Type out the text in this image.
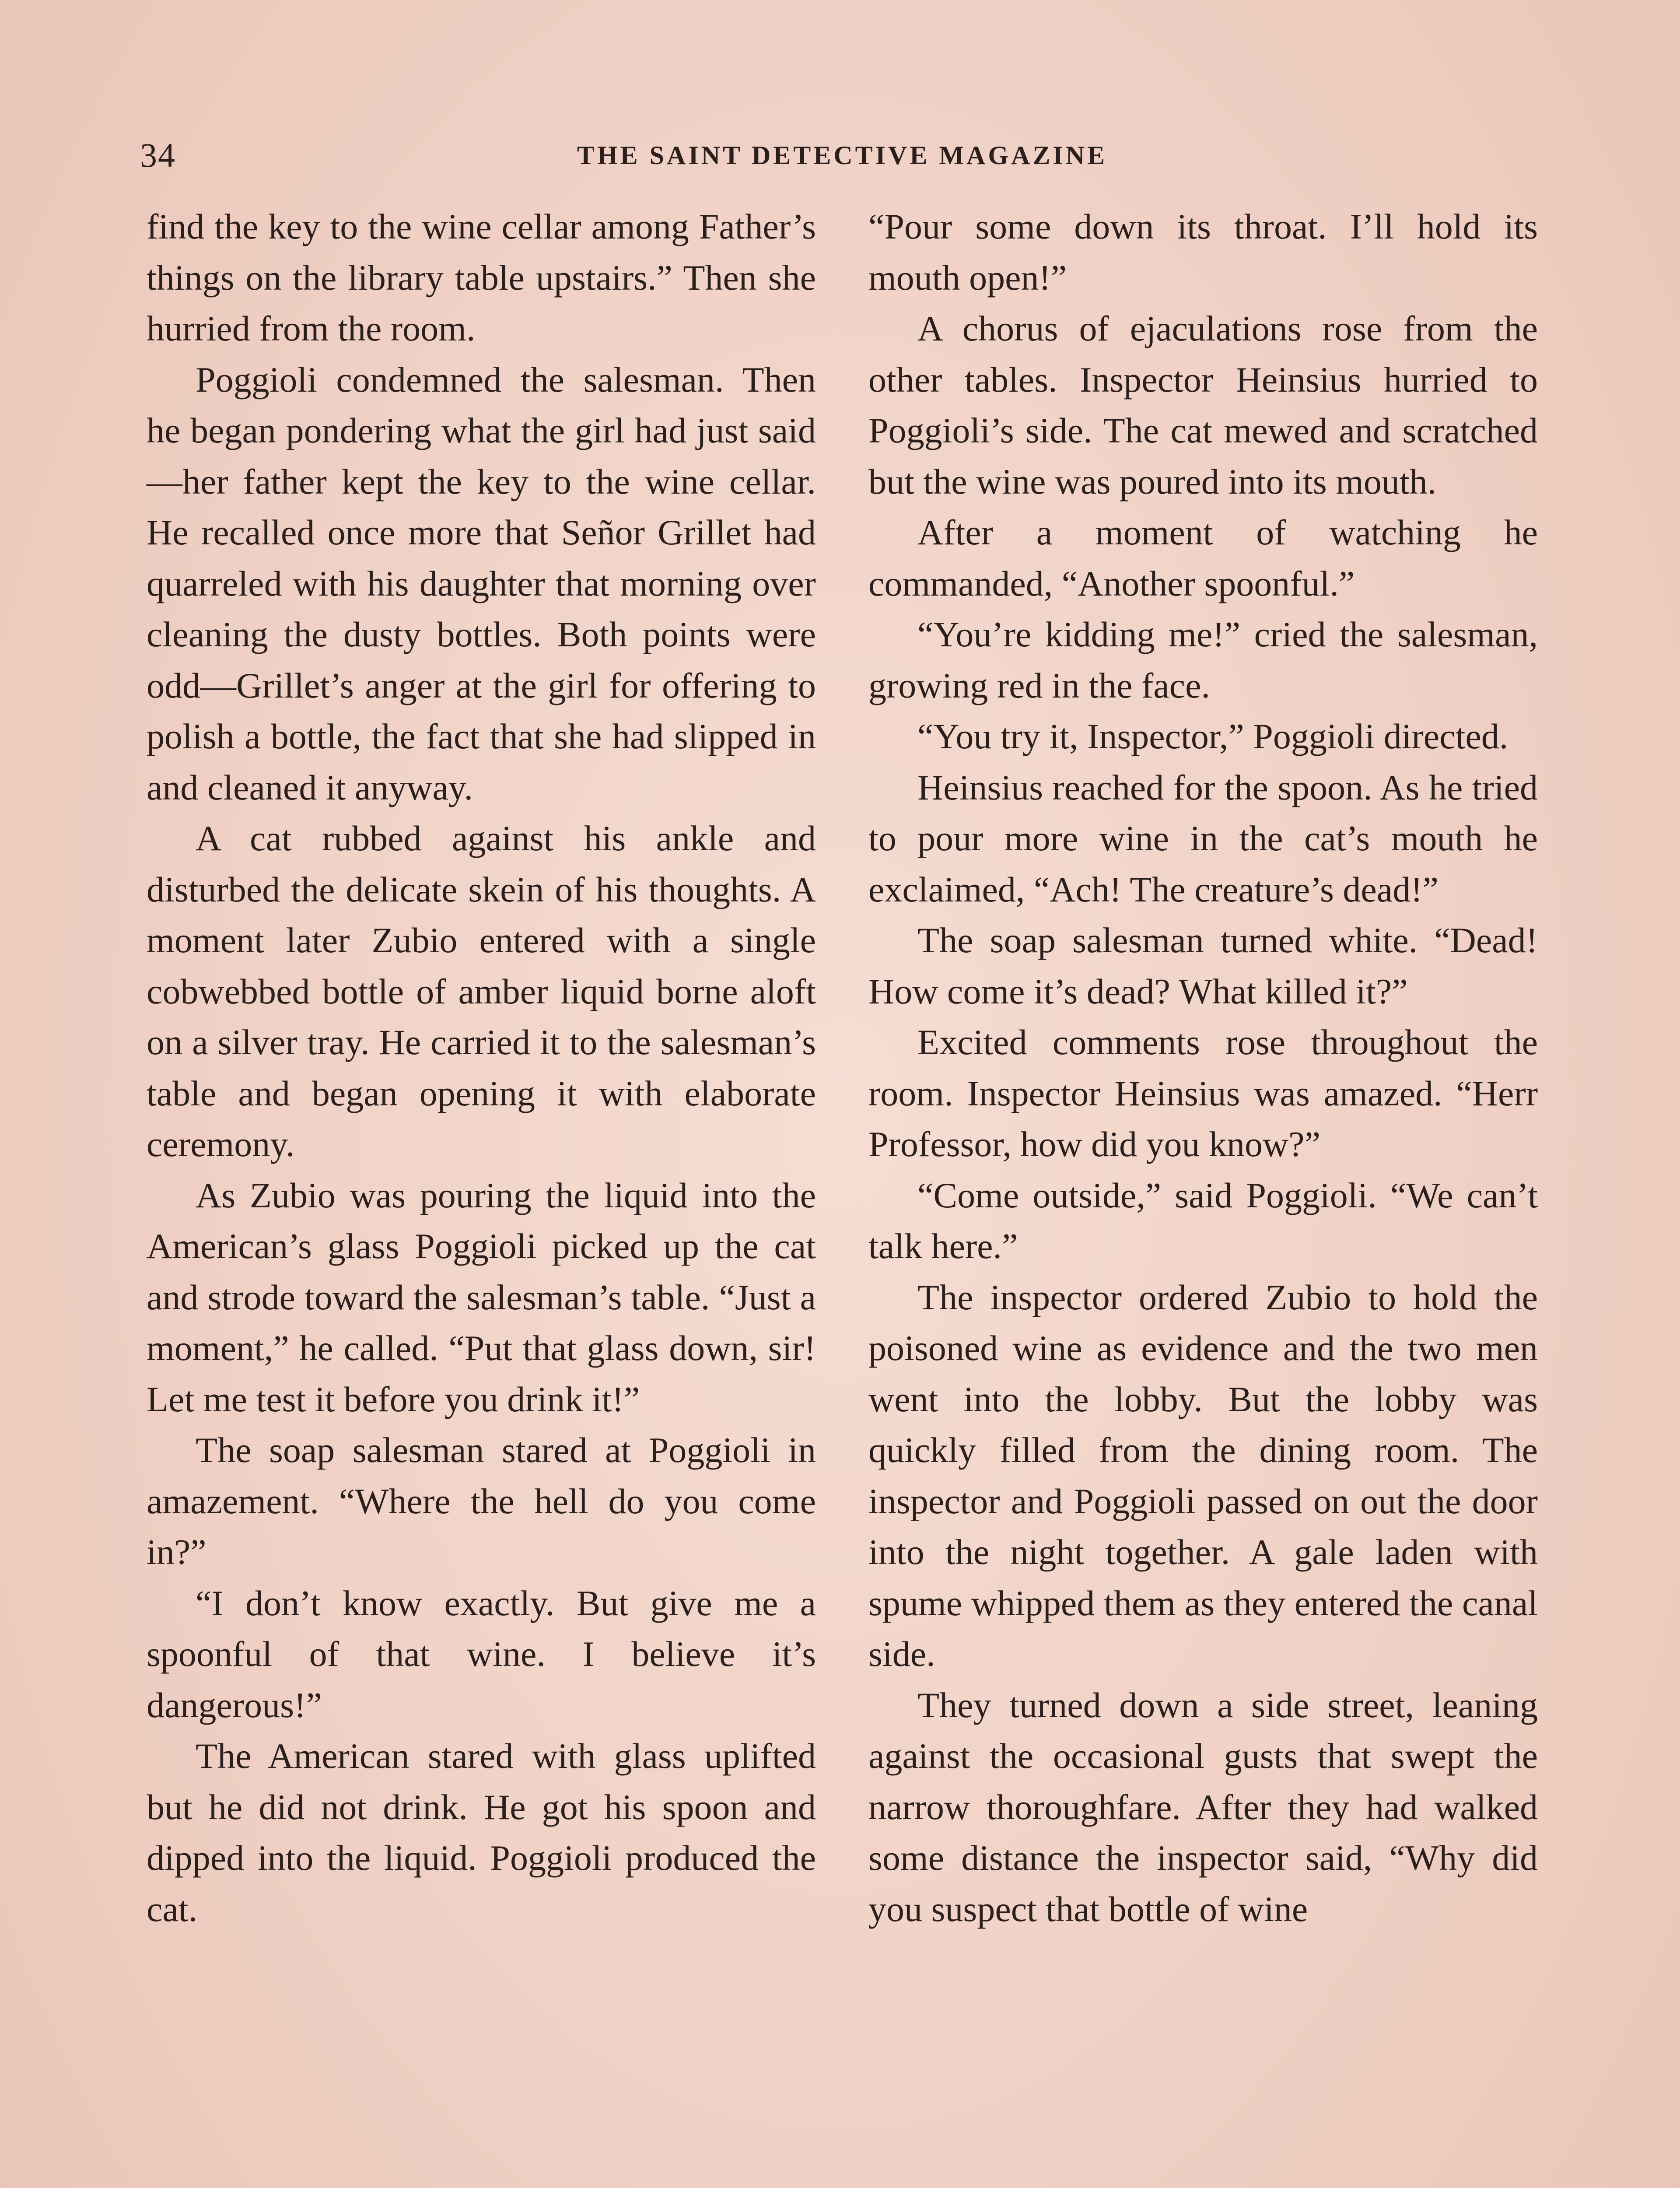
34	THE SAINT DETECTIVE MAGAZINE

find the key to the wine cellar among Father’s things on the library table upstairs.” Then she hurried from the room.

Poggioli condemned the salesman. Then he began pondering what the girl had just said—her father kept the key to the wine cellar. He recalled once more that Señor Grillet had quarreled with his daughter that morning over cleaning the dusty bottles. Both points were odd—Grillet’s anger at the girl for offering to polish a bottle, the fact that she had slipped in and cleaned it anyway.

A cat rubbed against his ankle and disturbed the delicate skein of his thoughts. A moment later Zubio entered with a single cobwebbed bottle of amber liquid borne aloft on a silver tray. He carried it to the salesman’s table and began opening it with elaborate ceremony.

As Zubio was pouring the liquid into the American’s glass Poggioli picked up the cat and strode toward the salesman’s table. “Just a moment,” he called. “Put that glass down, sir! Let me test it before you drink it!”

The soap salesman stared at Poggioli in amazement. “Where the hell do you come in?”

“I don’t know exactly. But give me a spoonful of that wine. I believe it’s dangerous!”

The American stared with glass uplifted but he did not drink. He got his spoon and dipped into the liquid. Poggioli produced the cat.

“Pour some down its throat. I’ll hold its mouth open!”

A chorus of ejaculations rose from the other tables. Inspector Heinsius hurried to Poggioli’s side. The cat mewed and scratched but the wine was poured into its mouth.

After a moment of watching he commanded, “Another spoonful.”

“You’re kidding me!” cried the salesman, growing red in the face.

“You try it, Inspector,” Poggioli directed.

Heinsius reached for the spoon. As he tried to pour more wine in the cat’s mouth he exclaimed, “Ach! The creature’s dead!”

The soap salesman turned white. “Dead! How come it’s dead? What killed it?”

Excited comments rose throughout the room. Inspector Heinsius was amazed. “Herr Professor, how did you know?”

“Come outside,” said Poggioli. “We can’t talk here.”

The inspector ordered Zubio to hold the poisoned wine as evidence and the two men went into the lobby. But the lobby was quickly filled from the dining room. The inspector and Poggioli passed on out the door into the night together. A gale laden with spume whipped them as they entered the canal side.

They turned down a side street, leaning against the occasional gusts that swept the narrow thoroughfare. After they had walked some distance the inspector said, “Why did you suspect that bottle of wine
